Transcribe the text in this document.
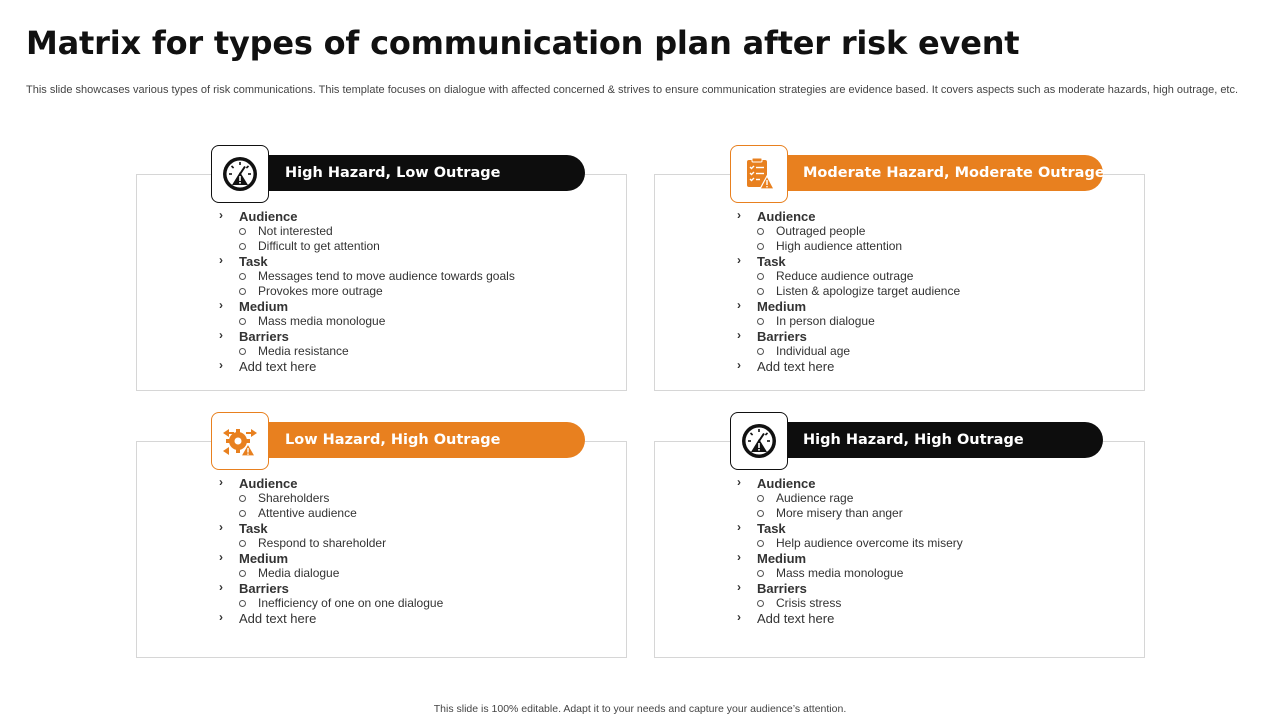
Matrix for types of communication plan after risk event
This slide showcases various types of risk communications. This template focuses on dialogue with affected concerned & strives to ensure communication strategies are evidence based. It covers aspects such as moderate hazards, high outrage, etc.
High Hazard, Low Outrage
› Audience
Not interested
Difficult to get attention
› Task
Messages tend to move audience towards goals
Provokes more outrage
› Medium
Mass media monologue
› Barriers
Media resistance
› Add text here
Moderate Hazard, Moderate Outrage
› Audience
Outraged people
High audience attention
› Task
Reduce audience outrage
Listen & apologize target audience
› Medium
In person dialogue
› Barriers
Individual age
› Add text here
Low Hazard, High Outrage
› Audience
Shareholders
Attentive audience
› Task
Respond to shareholder
› Medium
Media dialogue
› Barriers
Inefficiency of one on one dialogue
› Add text here
High Hazard, High Outrage
› Audience
Audience rage
More misery than anger
› Task
Help audience overcome its misery
› Medium
Mass media monologue
› Barriers
Crisis stress
› Add text here
This slide is 100% editable. Adapt it to your needs and capture your audience’s attention.
